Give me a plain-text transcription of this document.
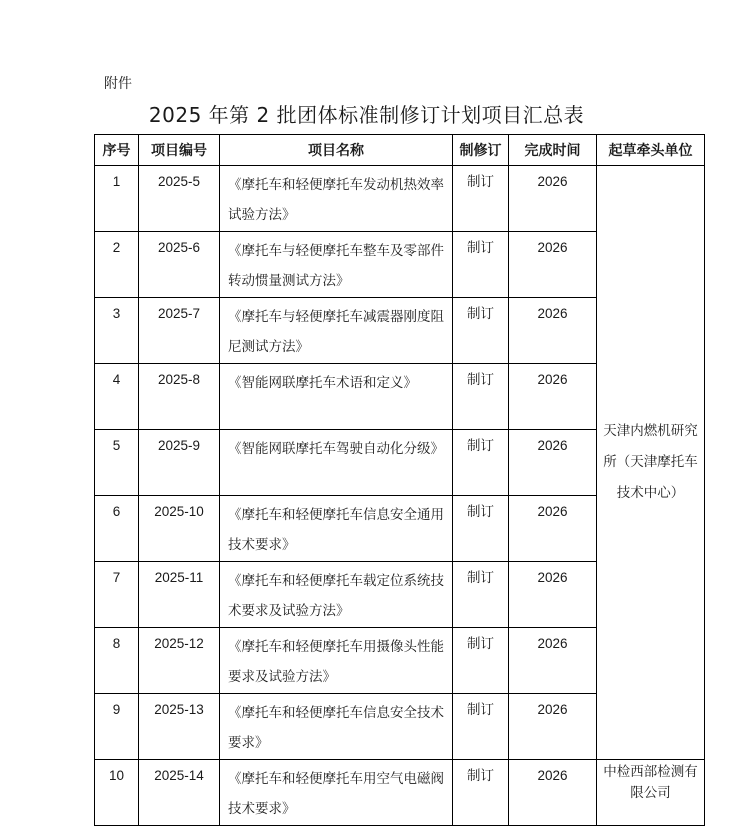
附件
2025 年第 2 批团体标准制修订计划项目汇总表
序号	项目编号	项目名称	制修订	完成时间	起草牵头单位
1	2025-5	《摩托车和轻便摩托车发动机热效率试验方法》	制订	2026	天津内燃机研究所（天津摩托车技术中心）
2	2025-6	《摩托车与轻便摩托车整车及零部件转动惯量测试方法》	制订	2026	
3	2025-7	《摩托车与轻便摩托车减震器刚度阻尼测试方法》	制订	2026	
4	2025-8	《智能网联摩托车术语和定义》	制订	2026	
5	2025-9	《智能网联摩托车驾驶自动化分级》	制订	2026	
6	2025-10	《摩托车和轻便摩托车信息安全通用技术要求》	制订	2026	
7	2025-11	《摩托车和轻便摩托车载定位系统技术要求及试验方法》	制订	2026	
8	2025-12	《摩托车和轻便摩托车用摄像头性能要求及试验方法》	制订	2026	
9	2025-13	《摩托车和轻便摩托车信息安全技术要求》	制订	2026	
10	2025-14	《摩托车和轻便摩托车用空气电磁阀技术要求》	制订	2026	中检西部检测有限公司
